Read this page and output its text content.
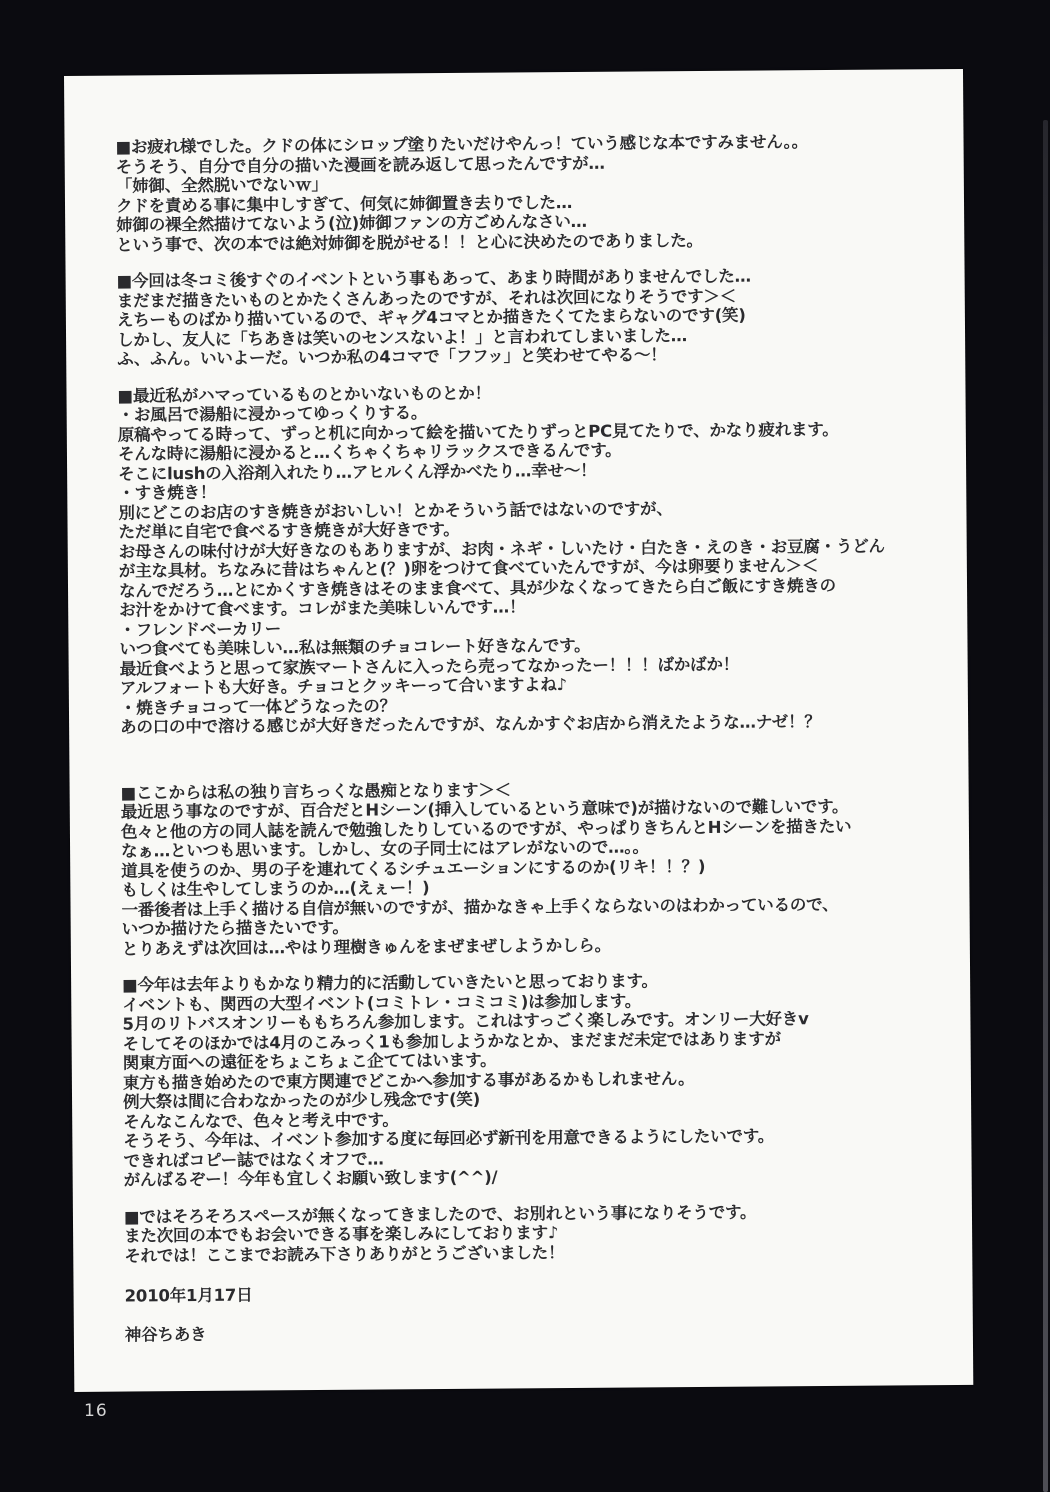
■お疲れ様でした。クドの体にシロップ塗りたいだけやんっ！ていう感じな本ですみません。。
そうそう、自分で自分の描いた漫画を読み返して思ったんですが…
「姉御、全然脱いでないｗ」
クドを責める事に集中しすぎて、何気に姉御置き去りでした…
姉御の裸全然描けてないよう(泣)姉御ファンの方ごめんなさい…
という事で、次の本では絶対姉御を脱がせる！！と心に決めたのでありました。
■今回は冬コミ後すぐのイベントという事もあって、あまり時間がありませんでした…
まだまだ描きたいものとかたくさんあったのですが、それは次回になりそうです＞＜
えちーものばかり描いているので、ギャグ4コマとか描きたくてたまらないのです(笑)
しかし、友人に「ちあきは笑いのセンスないよ！」と言われてしまいました…
ふ、ふん。いいよーだ。いつか私の4コマで「フフッ」と笑わせてやる～！
■最近私がハマっているものとかいないものとか！
・お風呂で湯船に浸かってゆっくりする。
原稿やってる時って、ずっと机に向かって絵を描いてたりずっとPC見てたりで、かなり疲れます。
そんな時に湯船に浸かると…くちゃくちゃリラックスできるんです。
そこにlushの入浴剤入れたり…アヒルくん浮かべたり…幸せ～！
・すき焼き！
別にどこのお店のすき焼きがおいしい！とかそういう話ではないのですが、
ただ単に自宅で食べるすき焼きが大好きです。
お母さんの味付けが大好きなのもありますが、お肉・ネギ・しいたけ・白たき・えのき・お豆腐・うどん
が主な具材。ちなみに昔はちゃんと(？)卵をつけて食べていたんですが、今は卵要りません＞＜
なんでだろう…とにかくすき焼きはそのまま食べて、具が少なくなってきたら白ご飯にすき焼きの
お汁をかけて食べます。コレがまた美味しいんです…！
・フレンドベーカリー
いつ食べても美味しい…私は無類のチョコレート好きなんです。
最近食べようと思って家族マートさんに入ったら売ってなかったー！！！ばかばか！
アルフォートも大好き。チョコとクッキーって合いますよね♪
・焼きチョコって一体どうなったの？
あの口の中で溶ける感じが大好きだったんですが、なんかすぐお店から消えたような…ナゼ！？
■ここからは私の独り言ちっくな愚痴となります＞＜
最近思う事なのですが、百合だとHシーン(挿入しているという意味で)が描けないので難しいです。
色々と他の方の同人誌を読んで勉強したりしているのですが、やっぱりきちんとHシーンを描きたい
なぁ…といつも思います。しかし、女の子同士にはアレがないので…。。
道具を使うのか、男の子を連れてくるシチュエーションにするのか(リキ！！？)
もしくは生やしてしまうのか…(えぇー！)
一番後者は上手く描ける自信が無いのですが、描かなきゃ上手くならないのはわかっているので、
いつか描けたら描きたいです。
とりあえずは次回は…やはり理樹きゅんをまぜまぜしようかしら。
■今年は去年よりもかなり精力的に活動していきたいと思っております。
イベントも、関西の大型イベント(コミトレ・コミコミ)は参加します。
5月のリトバスオンリーももちろん参加します。これはすっごく楽しみです。オンリー大好きv
そしてそのほかでは4月のこみっく1も参加しようかなとか、まだまだ未定ではありますが
関東方面への遠征をちょこちょこ企ててはいます。
東方も描き始めたので東方関連でどこかへ参加する事があるかもしれません。
例大祭は間に合わなかったのが少し残念です(笑)
そんなこんなで、色々と考え中です。
そうそう、今年は、イベント参加する度に毎回必ず新刊を用意できるようにしたいです。
できればコピー誌ではなくオフで…
がんばるぞー！今年も宜しくお願い致します(^^)/
■ではそろそろスペースが無くなってきましたので、お別れという事になりそうです。
また次回の本でもお会いできる事を楽しみにしております♪
それでは！ここまでお読み下さりありがとうございました！
2010年1月17日
神谷ちあき
16
